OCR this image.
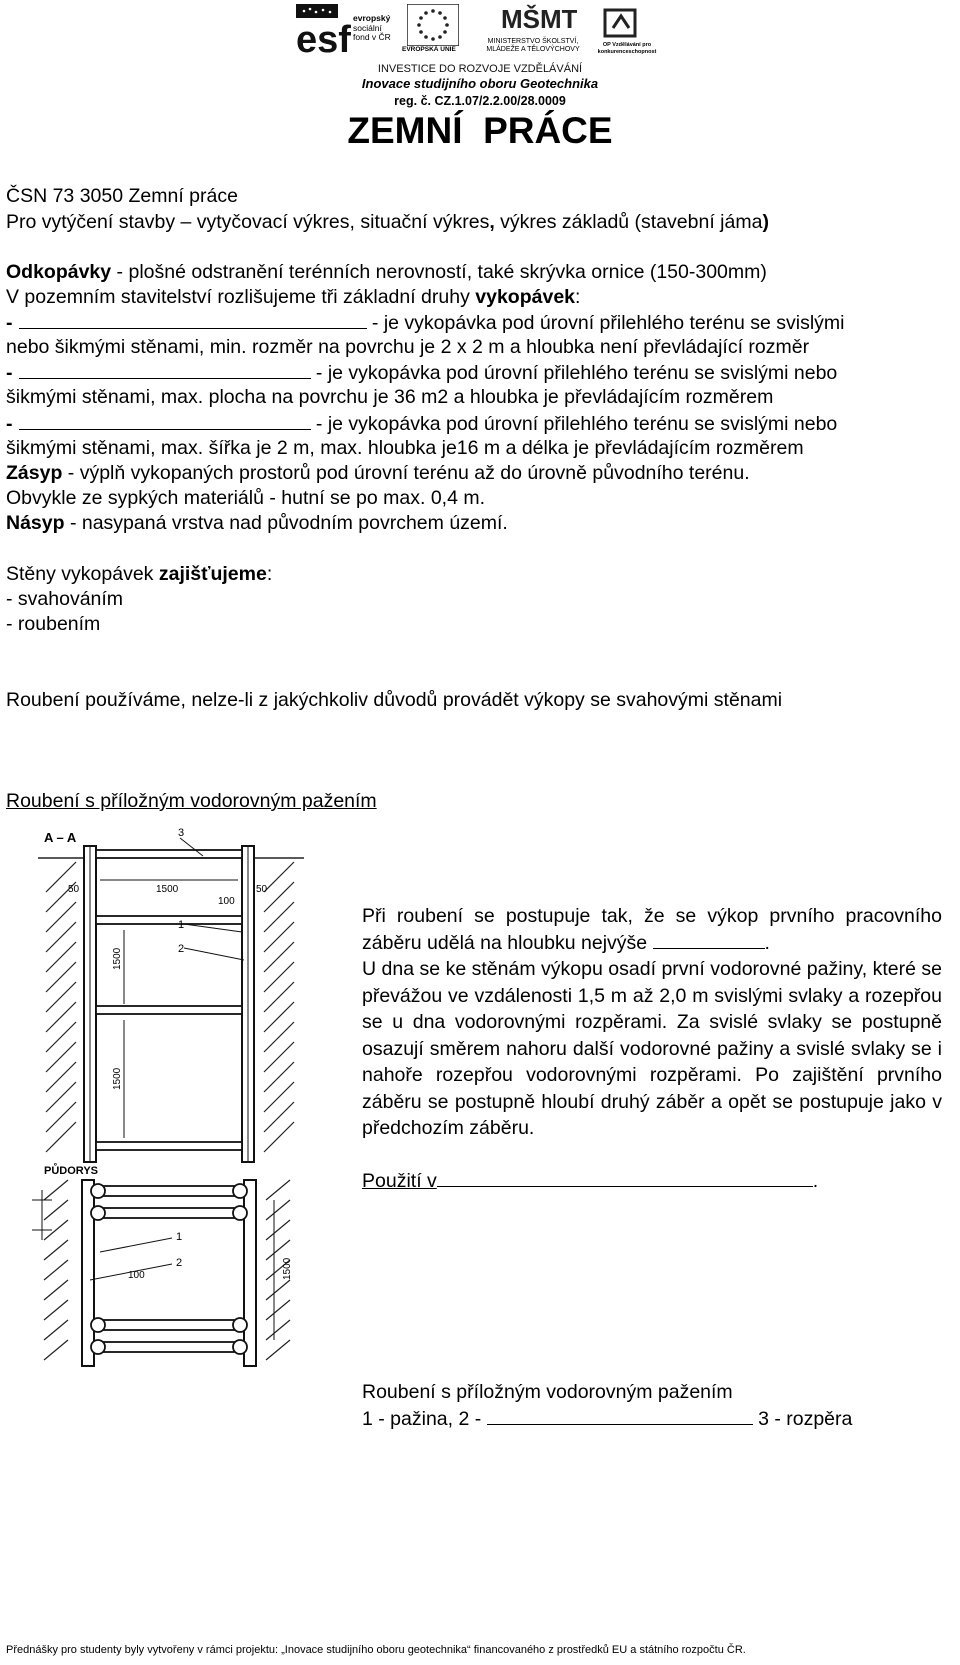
esf
evropský
sociální
fond v ČR
EVROPSKÁ UNIE
MŠMT
MINISTERSTVO ŠKOLSTVÍ, MLÁDEŽE A TĚLOVÝCHOVY
OP Vzdělávání pro konkurenceschopnost
INVESTICE DO ROZVOJE VZDĚLÁVÁNÍ
Inovace studijního oboru Geotechnika
reg. č. CZ.1.07/2.2.00/28.0009
ZEMNÍ  PRÁCE
ČSN 73 3050 Zemní práce
Pro vytýčení stavby – vytyčovací výkres, situační výkres, výkres základů (stavební jáma)
Odkopávky - plošné odstranění terénních nerovností, také skrývka ornice (150-300mm)
V pozemním stavitelství rozlišujeme tři základní druhy vykopávek:
-	- je vykopávka pod úrovní přilehlého terénu se svislými
nebo šikmými stěnami, min. rozměr na povrchu je 2 x 2 m a hloubka není převládající rozměr
-	- je vykopávka pod úrovní přilehlého terénu se svislými nebo
šikmými stěnami, max. plocha na povrchu je 36 m2 a hloubka je převládajícím rozměrem
-	- je vykopávka pod úrovní přilehlého terénu se svislými nebo
šikmými stěnami, max. šířka je 2 m, max. hloubka je16 m a délka je převládajícím rozměrem
Zásyp - výplň vykopaných prostorů pod úrovní terénu až do úrovně původního terénu.
Obvykle ze sypkých materiálů - hutní se po max. 0,4 m.
Násyp - nasypaná vrstva nad původním povrchem území.
Stěny vykopávek zajišťujeme:
- svahováním
- roubením
Roubení používáme, nelze-li z jakýchkoliv důvodů provádět výkopy se svahovými stěnami
Roubení s příložným vodorovným pažením
A – A
50	1500
100
50
1500
1500
3
1
2
PŮDORYS
1500
100
1
2
Při roubení se postupuje tak, že se výkop prvního pracovního záběru udělá na hloubku nejvýše	.
U dna se ke stěnám výkopu osadí první vodorovné pažiny, které se převážou ve vzdálenosti 1,5 m až 2,0 m svislými svlaky a rozepřou se u dna vodorovnými rozpěrami. Za svislé svlaky se postupně osazují směrem nahoru další vodorovné pažiny a svislé svlaky se i nahoře rozepřou vodorovnými rozpěrami. Po zajištění prvního záběru se postupně hloubí druhý záběr a opět se postupuje jako v předchozím záběru.
Použití v	.
Roubení s příložným vodorovným pažením
1 - pažina, 2 -	3 - rozpěra
Přednášky pro studenty byly vytvořeny v rámci projektu: „Inovace studijního oboru geotechnika“ financovaného z prostředků EU a státního rozpočtu ČR.
